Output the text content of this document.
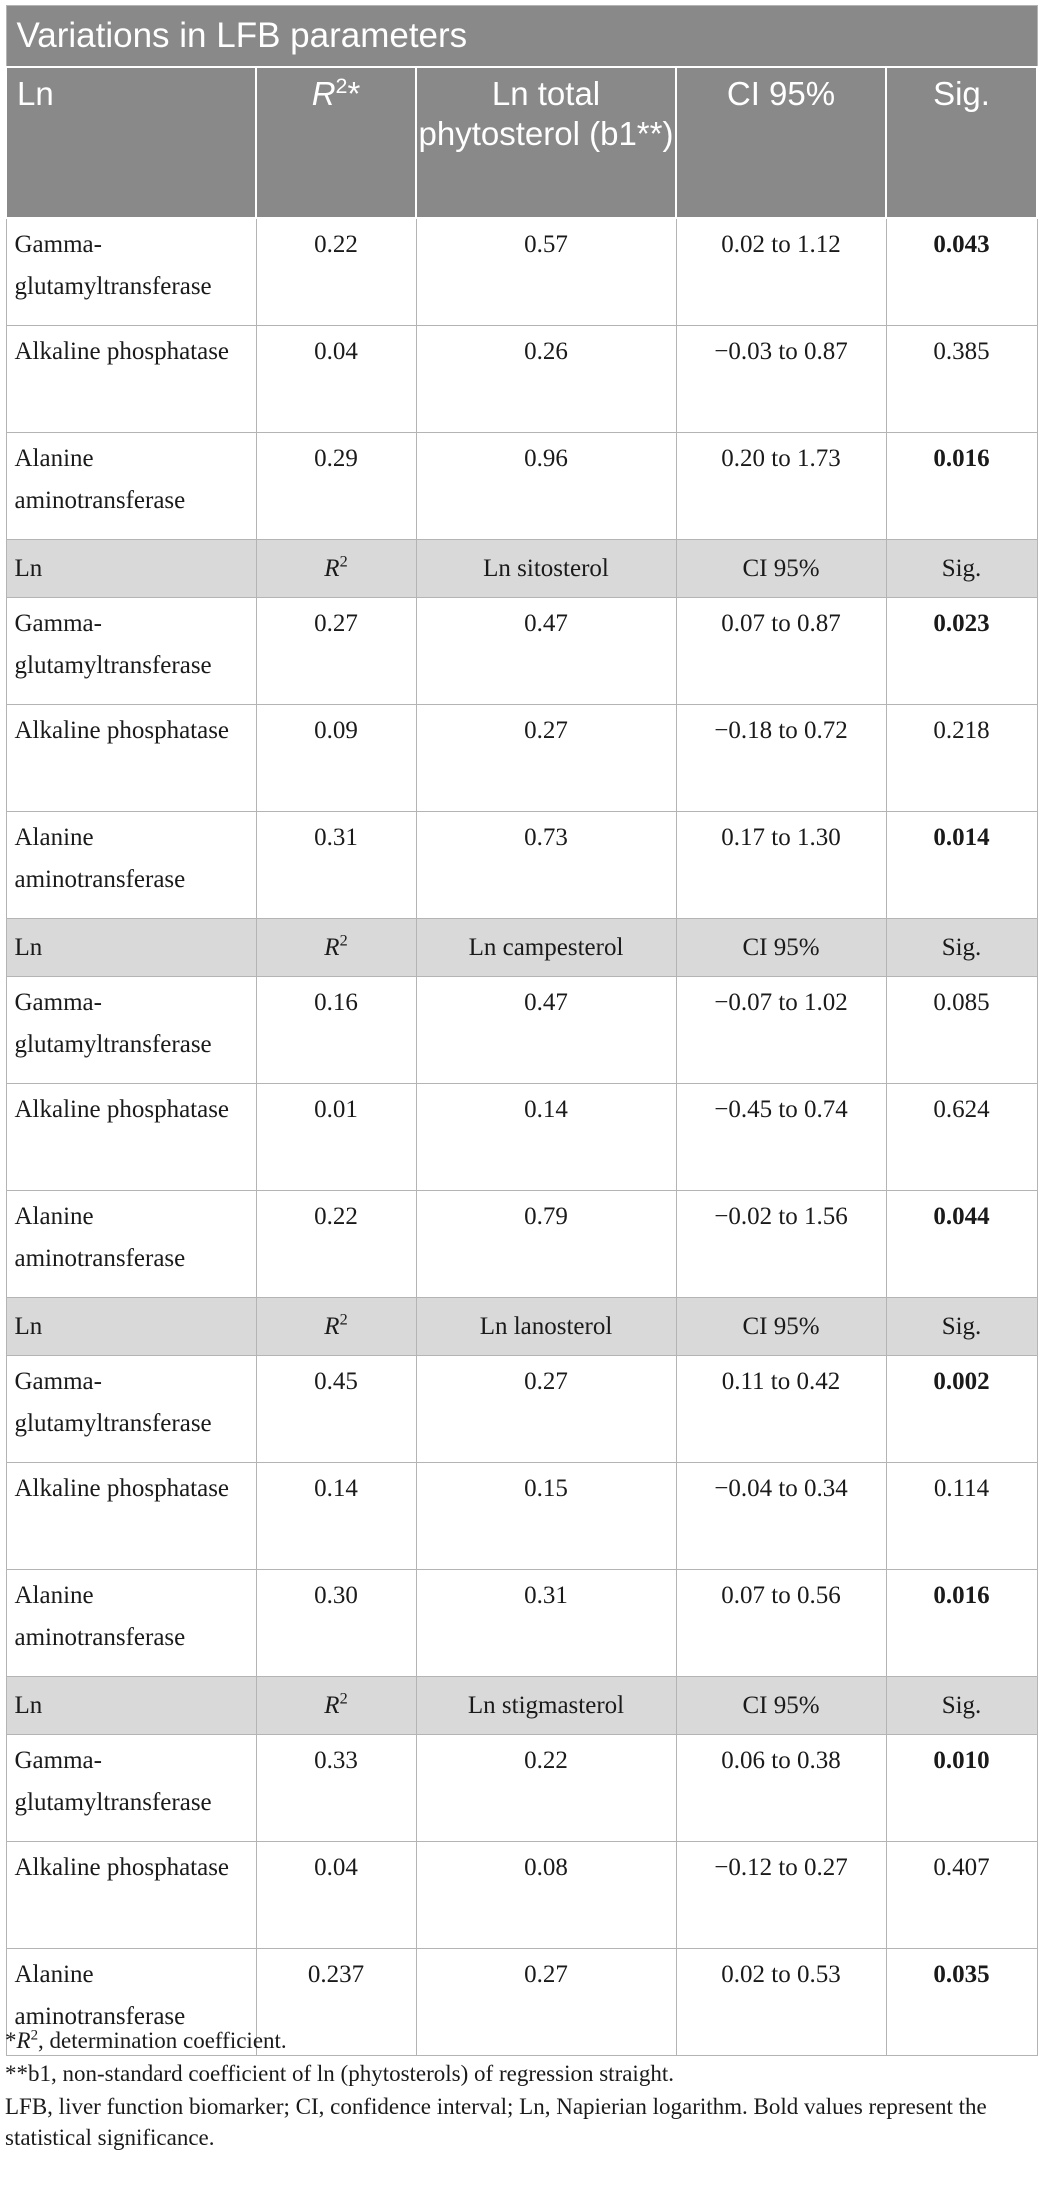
Variations in LFB parameters				
Ln	$R^2*$	Ln total phytosterol (b1**)	CI 95%	Sig.
Gamma-glutamyltransferase	0.22	0.57	0.02 to 1.12	0.043
Alkaline phosphatase	0.04	0.26	−0.03 to 0.87	0.385
Alanine aminotransferase	0.29	0.96	0.20 to 1.73	0.016
Ln	$R^2$	Ln sitosterol	CI 95%	Sig.
Gamma-glutamyltransferase	0.27	0.47	0.07 to 0.87	0.023
Alkaline phosphatase	0.09	0.27	−0.18 to 0.72	0.218
Alanine aminotransferase	0.31	0.73	0.17 to 1.30	0.014
Ln	$R^2$	Ln campesterol	CI 95%	Sig.
Gamma-glutamyltransferase	0.16	0.47	−0.07 to 1.02	0.085
Alkaline phosphatase	0.01	0.14	−0.45 to 0.74	0.624
Alanine aminotransferase	0.22	0.79	−0.02 to 1.56	0.044
Ln	$R^2$	Ln lanosterol	CI 95%	Sig.
Gamma-glutamyltransferase	0.45	0.27	0.11 to 0.42	0.002
Alkaline phosphatase	0.14	0.15	−0.04 to 0.34	0.114
Alanine aminotransferase	0.30	0.31	0.07 to 0.56	0.016
Ln	$R^2$	Ln stigmasterol	CI 95%	Sig.
Gamma-glutamyltransferase	0.33	0.22	0.06 to 0.38	0.010
Alkaline phosphatase	0.04	0.08	−0.12 to 0.27	0.407
Alanine aminotransferase	0.237	0.27	0.02 to 0.53	0.035

$*R^2$, determination coefficient.

**b1, non-standard coefficient of ln (phytosterols) of regression straight.

LFB, liver function biomarker; CI, confidence interval; Ln, Napierian logarithm. Bold values represent the statistical significance.
